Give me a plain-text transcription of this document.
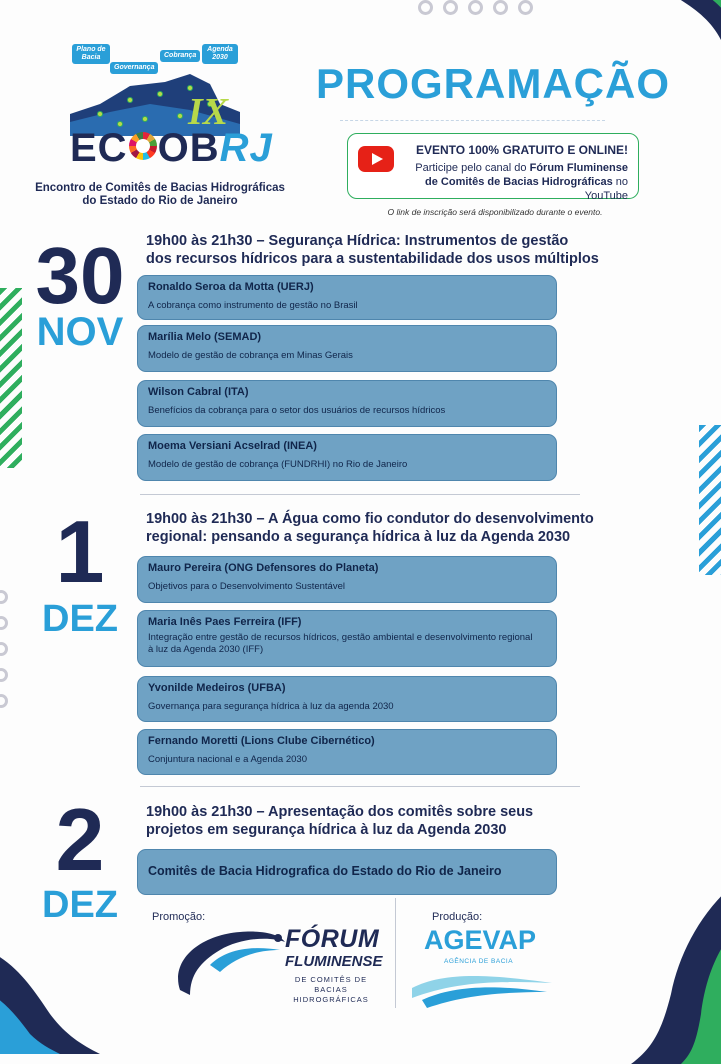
Plano de Bacia
Governança
Cobrança
Agenda 2030
IX
EC OBRJ
Encontro de Comitês de Bacias Hidrográficas
do Estado do Rio de Janeiro
PROGRAMAÇÃO
EVENTO 100% GRATUITO E ONLINE!
Participe pelo canal do Fórum Fluminense
de Comitês de Bacias Hidrográficas no YouTube
O link de inscrição será disponibilizado durante o evento.
30
NOV
19h00 às 21h30 – Segurança Hídrica: Instrumentos de gestão
dos recursos hídricos para a sustentabilidade dos usos múltiplos
Ronaldo Seroa da Motta (UERJ)
A cobrança como instrumento de gestão no Brasil
Marília Melo (SEMAD)
Modelo de gestão de cobrança em Minas Gerais
Wilson Cabral (ITA)
Benefícios da cobrança para o setor dos usuários de recursos hídricos
Moema Versiani Acselrad (INEA)
Modelo de gestão de cobrança (FUNDRHI) no Rio de Janeiro
1
DEZ
19h00 às 21h30 – A Água como fio condutor do desenvolvimento
regional: pensando a segurança hídrica à luz da Agenda 2030
Mauro Pereira (ONG Defensores do Planeta)
Objetivos para o Desenvolvimento Sustentável
Maria Inês Paes Ferreira (IFF)
Integração entre gestão de recursos hídricos, gestão ambiental e desenvolvimento regional
à luz da Agenda 2030 (IFF)
Yvonilde Medeiros (UFBA)
Governança para segurança hídrica à luz da agenda 2030
Fernando Moretti (Lions Clube Cibernético)
Conjuntura nacional e a Agenda 2030
2
DEZ
19h00 às 21h30 – Apresentação dos comitês sobre seus
projetos em segurança hídrica à luz da Agenda 2030
Comitês de Bacia Hidrografica do Estado do Rio de Janeiro
Promoção:
FÓRUM
FLUMINENSE
DE COMITÊS DE
BACIAS HIDROGRÁFICAS
Produção:
AGEVAP
AGÊNCIA DE BACIA
